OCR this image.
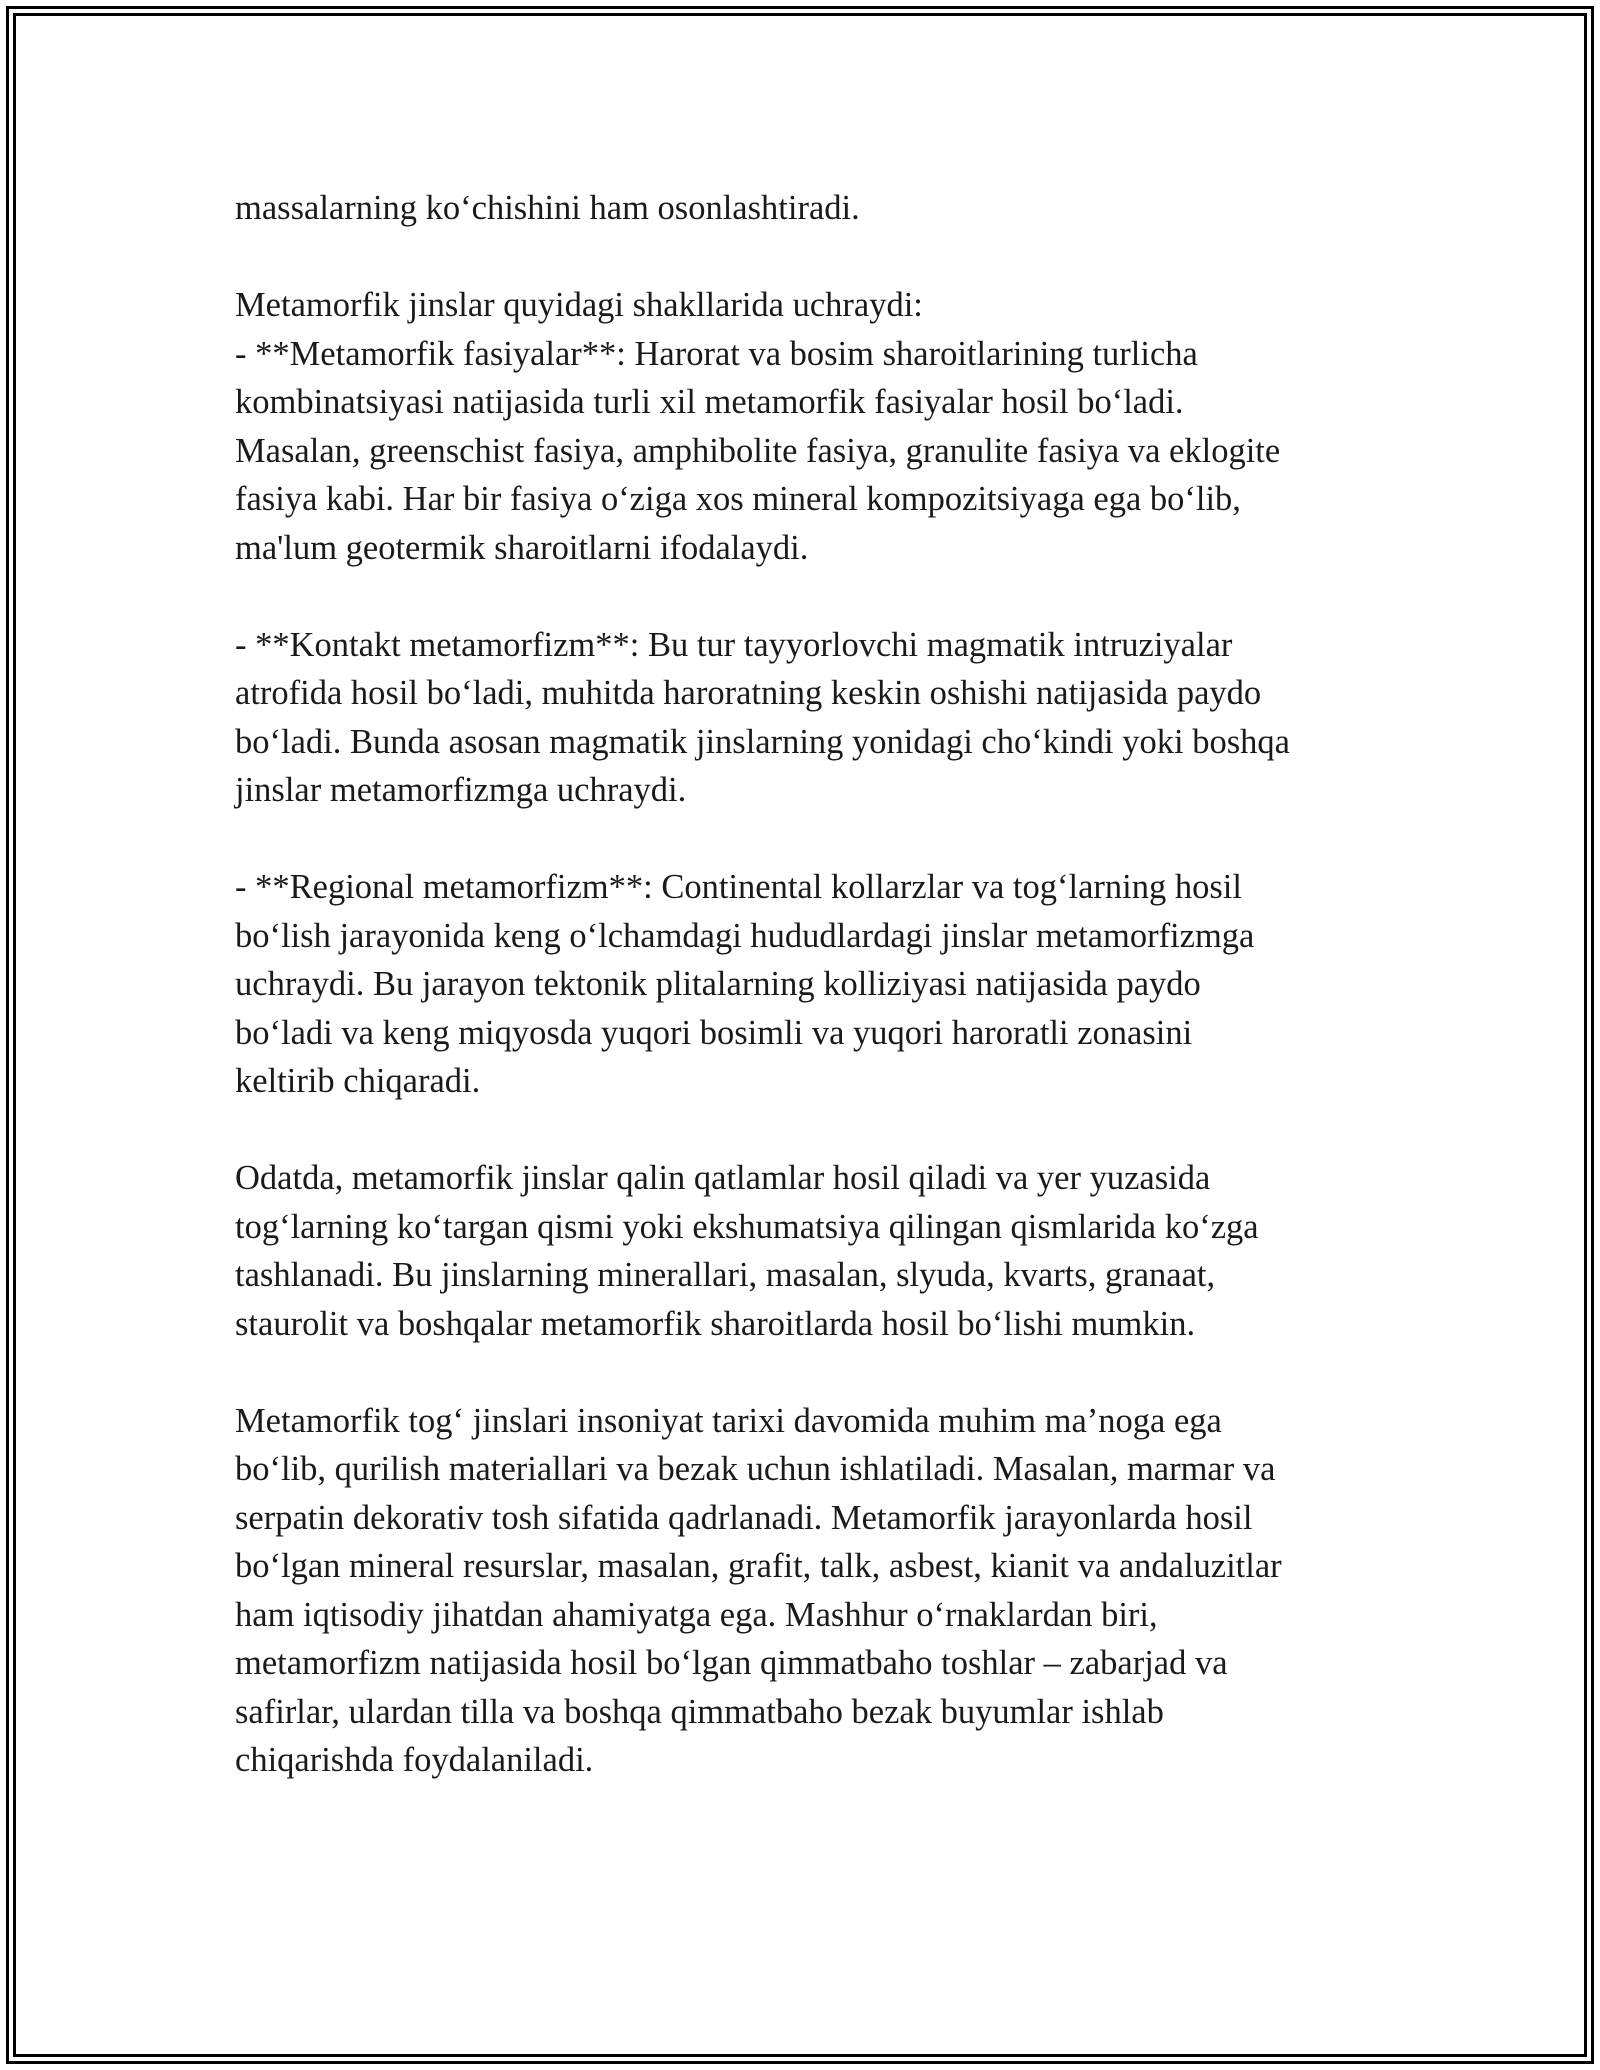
massalarning ko‘chishini ham osonlashtiradi.

Metamorfik jinslar quyidagi shakllarida uchraydi:
- **Metamorfik fasiyalar**: Harorat va bosim sharoitlarining turlicha
kombinatsiyasi natijasida turli xil metamorfik fasiyalar hosil bo‘ladi.
Masalan, greenschist fasiya, amphibolite fasiya, granulite fasiya va eklogite
fasiya kabi. Har bir fasiya o‘ziga xos mineral kompozitsiyaga ega bo‘lib,
ma'lum geotermik sharoitlarni ifodalaydi.

- **Kontakt metamorfizm**: Bu tur tayyorlovchi magmatik intruziyalar
atrofida hosil bo‘ladi, muhitda haroratning keskin oshishi natijasida paydo
bo‘ladi. Bunda asosan magmatik jinslarning yonidagi cho‘kindi yoki boshqa
jinslar metamorfizmga uchraydi.

- **Regional metamorfizm**: Continental kollarzlar va tog‘larning hosil
bo‘lish jarayonida keng o‘lchamdagi hududlardagi jinslar metamorfizmga
uchraydi. Bu jarayon tektonik plitalarning kolliziyasi natijasida paydo
bo‘ladi va keng miqyosda yuqori bosimli va yuqori haroratli zonasini
keltirib chiqaradi.

Odatda, metamorfik jinslar qalin qatlamlar hosil qiladi va yer yuzasida
tog‘larning ko‘targan qismi yoki ekshumatsiya qilingan qismlarida ko‘zga
tashlanadi. Bu jinslarning minerallari, masalan, slyuda, kvarts, granaat,
staurolit va boshqalar metamorfik sharoitlarda hosil bo‘lishi mumkin.

Metamorfik tog‘ jinslari insoniyat tarixi davomida muhim ma’noga ega
bo‘lib, qurilish materiallari va bezak uchun ishlatiladi. Masalan, marmar va
serpatin dekorativ tosh sifatida qadrlanadi. Metamorfik jarayonlarda hosil
bo‘lgan mineral resurslar, masalan, grafit, talk, asbest, kianit va andaluzitlar
ham iqtisodiy jihatdan ahamiyatga ega. Mashhur o‘rnaklardan biri,
metamorfizm natijasida hosil bo‘lgan qimmatbaho toshlar – zabarjad va
safirlar, ulardan tilla va boshqa qimmatbaho bezak buyumlar ishlab
chiqarishda foydalaniladi.
